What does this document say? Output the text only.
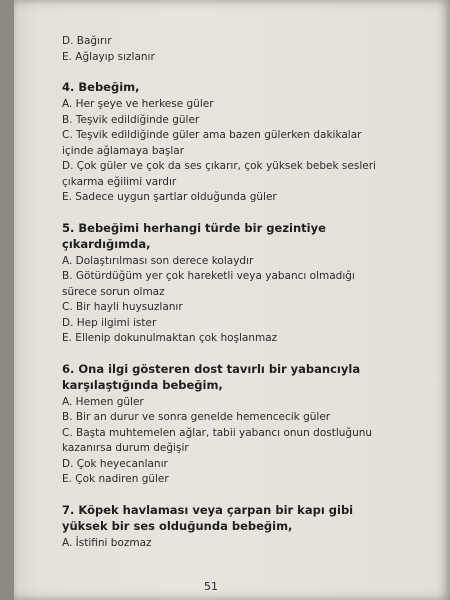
D. Bağırır

E. Ağlayıp sızlanır

4. Bebeğim,

A. Her şeye ve herkese güler

B. Teşvik edildiğinde güler

C. Teşvik edildiğinde güler ama bazen gülerken dakikalar içinde ağlamaya başlar

D. Çok güler ve çok da ses çıkarır, çok yüksek bebek sesleri çıkarma eğilimi vardır

E. Sadece uygun şartlar olduğunda güler

5. Bebeğimi herhangi türde bir gezintiye çıkardığımda,

A. Dolaştırılması son derece kolaydır

B. Götürdüğüm yer çok hareketli veya yabancı olmadığı sürece sorun olmaz

C. Bir hayli huysuzlanır

D. Hep ilgimi ister

E. Ellenip dokunulmaktan çok hoşlanmaz

6. Ona ilgi gösteren dost tavırlı bir yabancıyla karşılaştığında bebeğim,

A. Hemen güler

B. Bir an durur ve sonra genelde hemencecik güler

C. Başta muhtemelen ağlar, tabii yabancı onun dostluğunu kazanırsa durum değişir

D. Çok heyecanlanır

E. Çok nadiren güler

7. Köpek havlaması veya çarpan bir kapı gibi yüksek bir ses olduğunda bebeğim,

A. İstifini bozmaz

51
